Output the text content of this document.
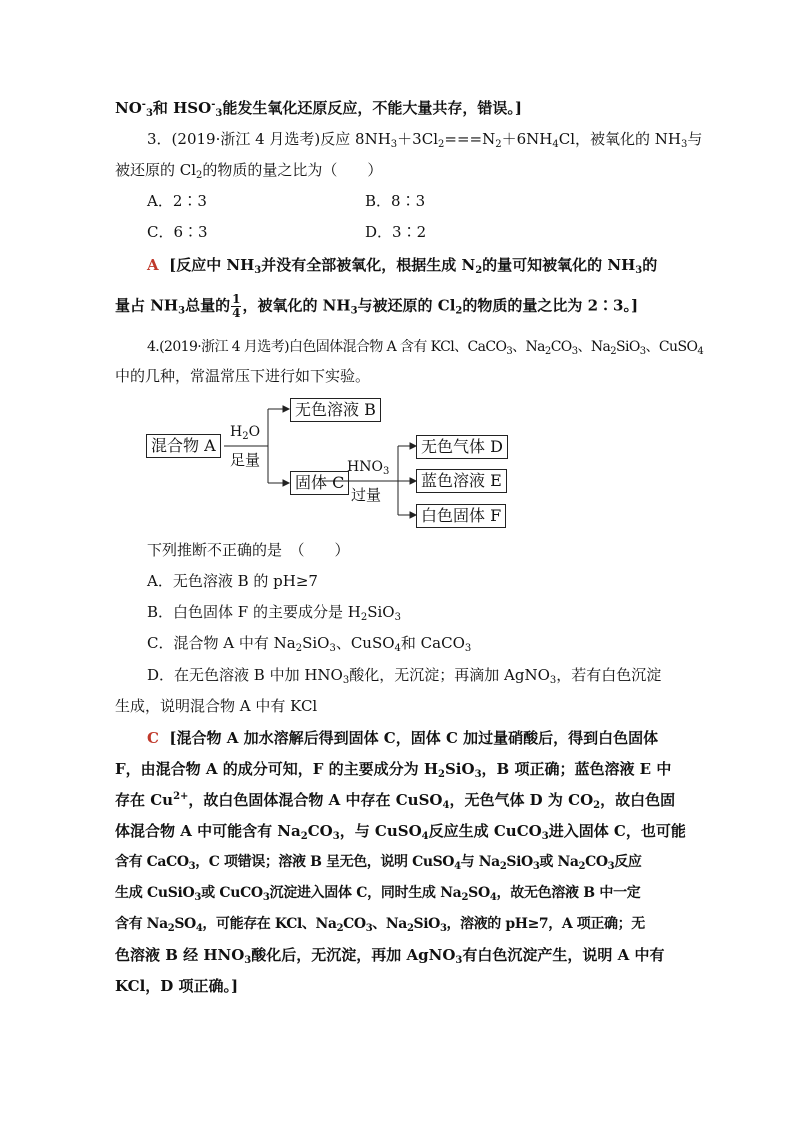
$NO^-_3$和 $HSO^-_3$能发生氧化还原反应，不能大量共存，错误。]
3．(2019·浙江 4 月选考)反应 $8NH_3+3Cl_2===N_2+6NH_4Cl$，被氧化的 $NH_3$与
被还原的 $Cl_2$的物质的量之比为（　　）
A．2∶3	B．8∶3
C．6∶3	D．3∶2
A [反应中 $NH_3$并没有全部被氧化，根据生成 $N_2$的量可知被氧化的 $NH_3$的
量占 $NH_3$总量的 $\frac{1}{4}$ ，被氧化的 $NH_3$与被还原的 $Cl_2$的物质的量之比为 2∶3。]
4.(2019·浙江 4 月选考)白色固体混合物 A 含有 KCl、CaCO$_3$、$Na_2CO_3$、$Na_2SiO_3$、CuSO$_4$
中的几种，常温常压下进行如下实验。
混合物 A
$H_2O$
足量
无色溶液 B
固体 C
$HNO_3$
过量
无色气体 D
蓝色溶液 E
白色固体 F
下列推断不正确的是　（　　）
A．无色溶液 B 的 pH≥7
B．白色固体 F 的主要成分是 $H_2SiO_3$
C．混合物 A 中有 $Na_2SiO_3$、CuSO$_4$和 CaCO$_3$
D．在无色溶液 B 中加 $HNO_3$酸化，无沉淀；再滴加 AgNO$_3$，若有白色沉淀
生成，说明混合物 A 中有 KCl
C [混合物 A 加水溶解后得到固体 C，固体 C 加过量硝酸后，得到白色固体
F，由混合物 A 的成分可知，F 的主要成分为 $H_2SiO_3$，B 项正确；蓝色溶液 E 中
存在 $Cu^{2+}$，故白色固体混合物 A 中存在 CuSO$_4$，无色气体 D 为 $CO_2$，故白色固
体混合物 A 中可能含有 $Na_2CO_3$，与 CuSO$_4$反应生成 CuCO$_3$进入固体 C，也可能
含有 CaCO$_3$，C 项错误；溶液 B 呈无色，说明 CuSO$_4$与 $Na_2SiO_3$或 $Na_2CO_3$反应
生成 CuSiO$_3$或 CuCO$_3$沉淀进入固体 C，同时生成 $Na_2SO_4$，故无色溶液 B 中一定
含有 $Na_2SO_4$，可能存在 KCl、$Na_2CO_3$、$Na_2SiO_3$，溶液的 pH≥7，A 项正确；无
色溶液 B 经 $HNO_3$酸化后，无沉淀，再加 AgNO$_3$有白色沉淀产生，说明 A 中有
KCl，D 项正确。]
